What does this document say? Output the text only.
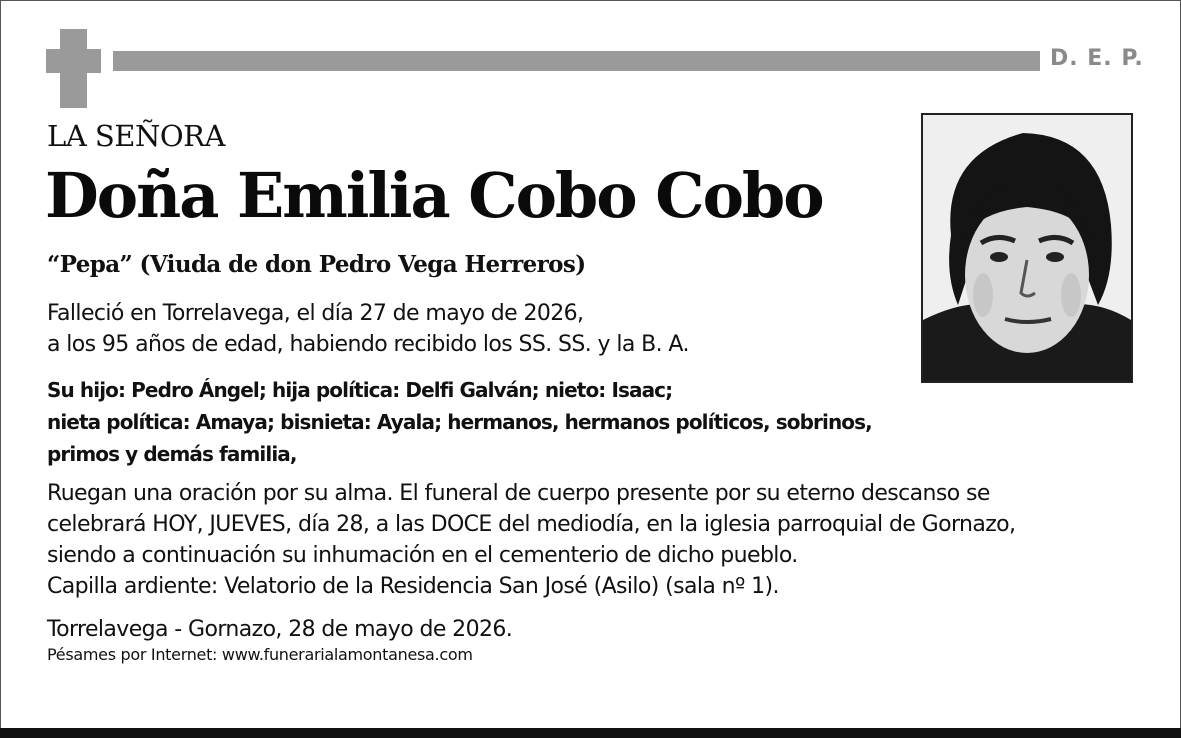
D. E. P.
LA SEÑORA
Doña Emilia Cobo Cobo
“Pepa” (Viuda de don Pedro Vega Herreros)
Falleció en Torrelavega, el día 27 de mayo de 2026,
a los 95 años de edad, habiendo recibido los SS. SS. y la B. A.
Su hijo: Pedro Ángel; hija política: Delfi Galván; nieto: Isaac;
nieta política: Amaya; bisnieta: Ayala; hermanos, hermanos políticos, sobrinos,
primos y demás familia,
Ruegan una oración por su alma. El funeral de cuerpo presente por su eterno descanso se
celebrará HOY, JUEVES, día 28, a las DOCE del mediodía, en la iglesia parroquial de Gornazo,
siendo a continuación su inhumación en el cementerio de dicho pueblo.
Capilla ardiente: Velatorio de la Residencia San José (Asilo) (sala nº 1).
Torrelavega - Gornazo, 28 de mayo de 2026.
Pésames por Internet: www.funerarialamontanesa.com
